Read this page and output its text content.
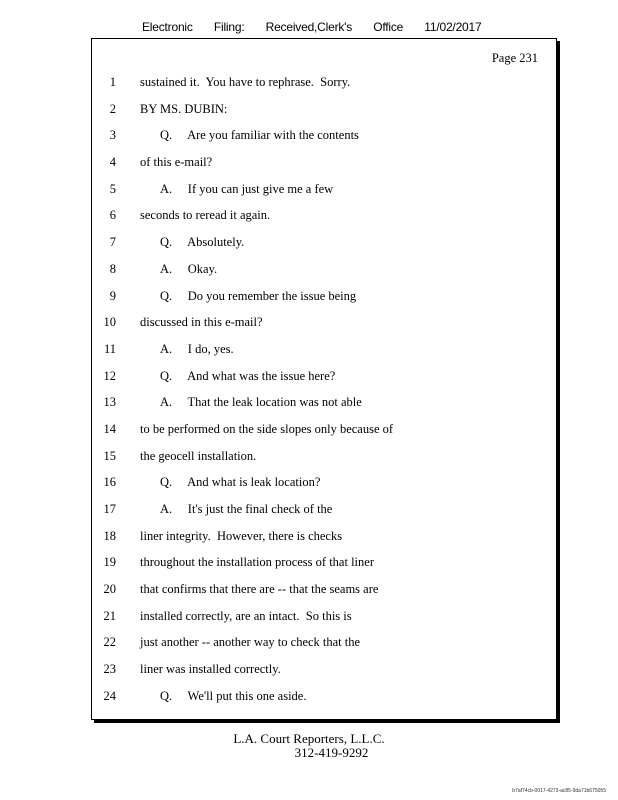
Electronic Filing: Received,Clerk's Office 11/02/2017
Page 231
1 sustained it.  You have to rephrase.  Sorry.
2 BY MS. DUBIN:
3	Q.     Are you familiar with the contents
4 of this e-mail?
5	A.     If you can just give me a few
6 seconds to reread it again.
7	Q.     Absolutely.
8	A.     Okay.
9	Q.     Do you remember the issue being
10 discussed in this e-mail?
11	A.     I do, yes.
12	Q.     And what was the issue here?
13	A.     That the leak location was not able
14 to be performed on the side slopes only because of
15 the geocell installation.
16	Q.     And what is leak location?
17	A.     It's just the final check of the
18 liner integrity.  However, there is checks
19 throughout the installation process of that liner
20 that confirms that there are -- that the seams are
21 installed correctly, are an intact.  So this is
22 just another -- another way to check that the
23 liner was installed correctly.
24	Q.     We'll put this one aside.
L.A. Court Reporters, L.L.C.
312-419-9292
b7af74cb-0017-4273-ac85-9da71b675055
